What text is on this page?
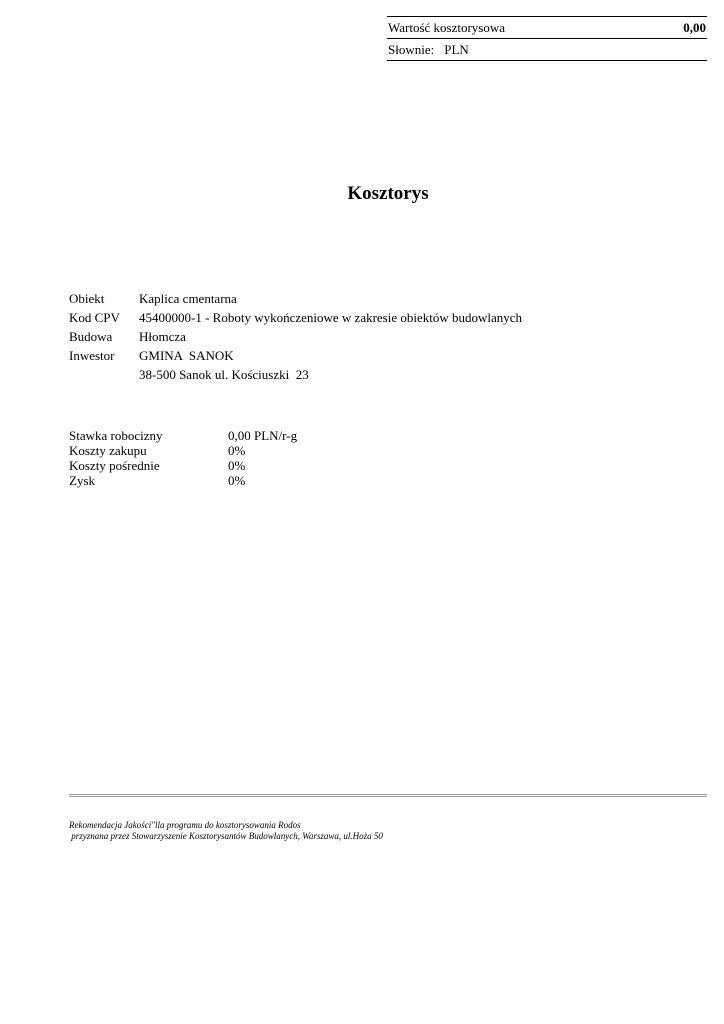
Wartość kosztorysowa	0,00
Słownie: PLN
Kosztorys
Obiekt	Kaplica cmentarna
Kod CPV	45400000-1 - Roboty wykończeniowe w zakresie obiektów budowlanych
Budowa	Hłomcza
Inwestor	GMINA  SANOK
38-500 Sanok ul. Kościuszki  23
Stawka robocizny	0,00 PLN/r-g
Koszty zakupu	0%
Koszty pośrednie	0%
Zysk	0%
Rekomendacja Jakości"lla programu do kosztorysowania Rodos
przyznana przez Stowarzyszenie Kosztorysantów Budowlanych, Warszawa, ul.Hoża 50
